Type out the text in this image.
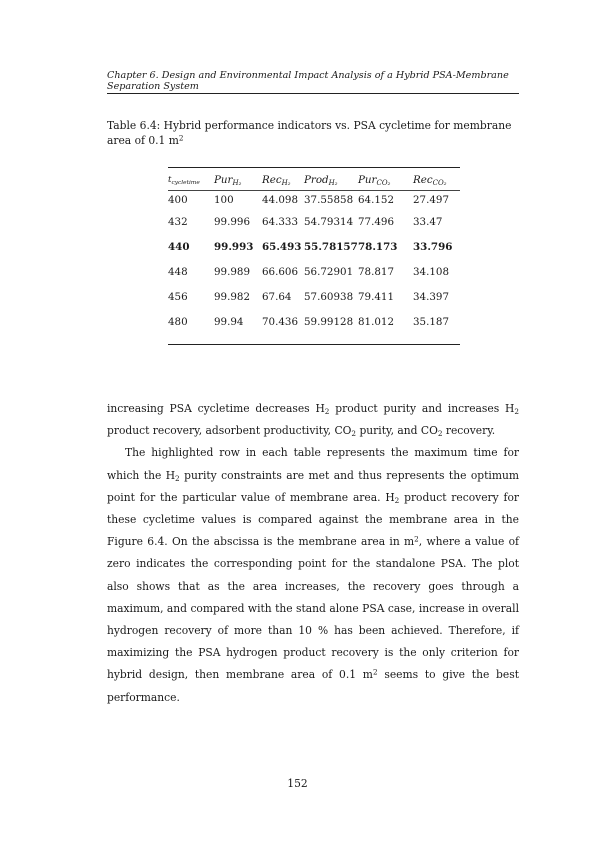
Chapter 6. Design and Environmental Impact Analysis of a Hybrid PSA-Membrane Separation System
Table 6.4: Hybrid performance indicators vs. PSA cycletime for membrane area of 0.1 $m^2$
$t_{cycletime}$	Pur$_{H_2}$	Rec$_{H_2}$	Prod$_{H_2}$	Pur$_{CO_2}$	Rec$_{CO_2}$
400	100	44.098	37.55858	64.152	27.497
432	99.996	64.333	54.79314	77.496	33.47
440	99.993	65.493	55.78157	78.173	33.796
448	99.989	66.606	56.72901	78.817	34.108
456	99.982	67.64	57.60938	79.411	34.397
480	99.94	70.436	59.99128	81.012	35.187

increasing PSA cycletime decreases $H_2$ product purity and increases $H_2$ product recovery, adsorbent productivity, $CO_2$ purity, and $CO_2$ recovery.

The highlighted row in each table represents the maximum time for which the $H_2$ purity constraints are met and thus represents the optimum point for the particular value of membrane area. $H_2$ product recovery for these cycletime values is compared against the membrane area in the Figure 6.4. On the abscissa is the membrane area in $m^2$, where a value of zero indicates the corresponding point for the standalone PSA. The plot also shows that as the area increases, the recovery goes through a maximum, and compared with the stand alone PSA case, increase in overall hydrogen recovery of more than 10 % has been achieved. Therefore, if maximizing the PSA hydrogen product recovery is the only criterion for hybrid design, then membrane area of 0.1 $m^2$ seems to give the best performance.

152
